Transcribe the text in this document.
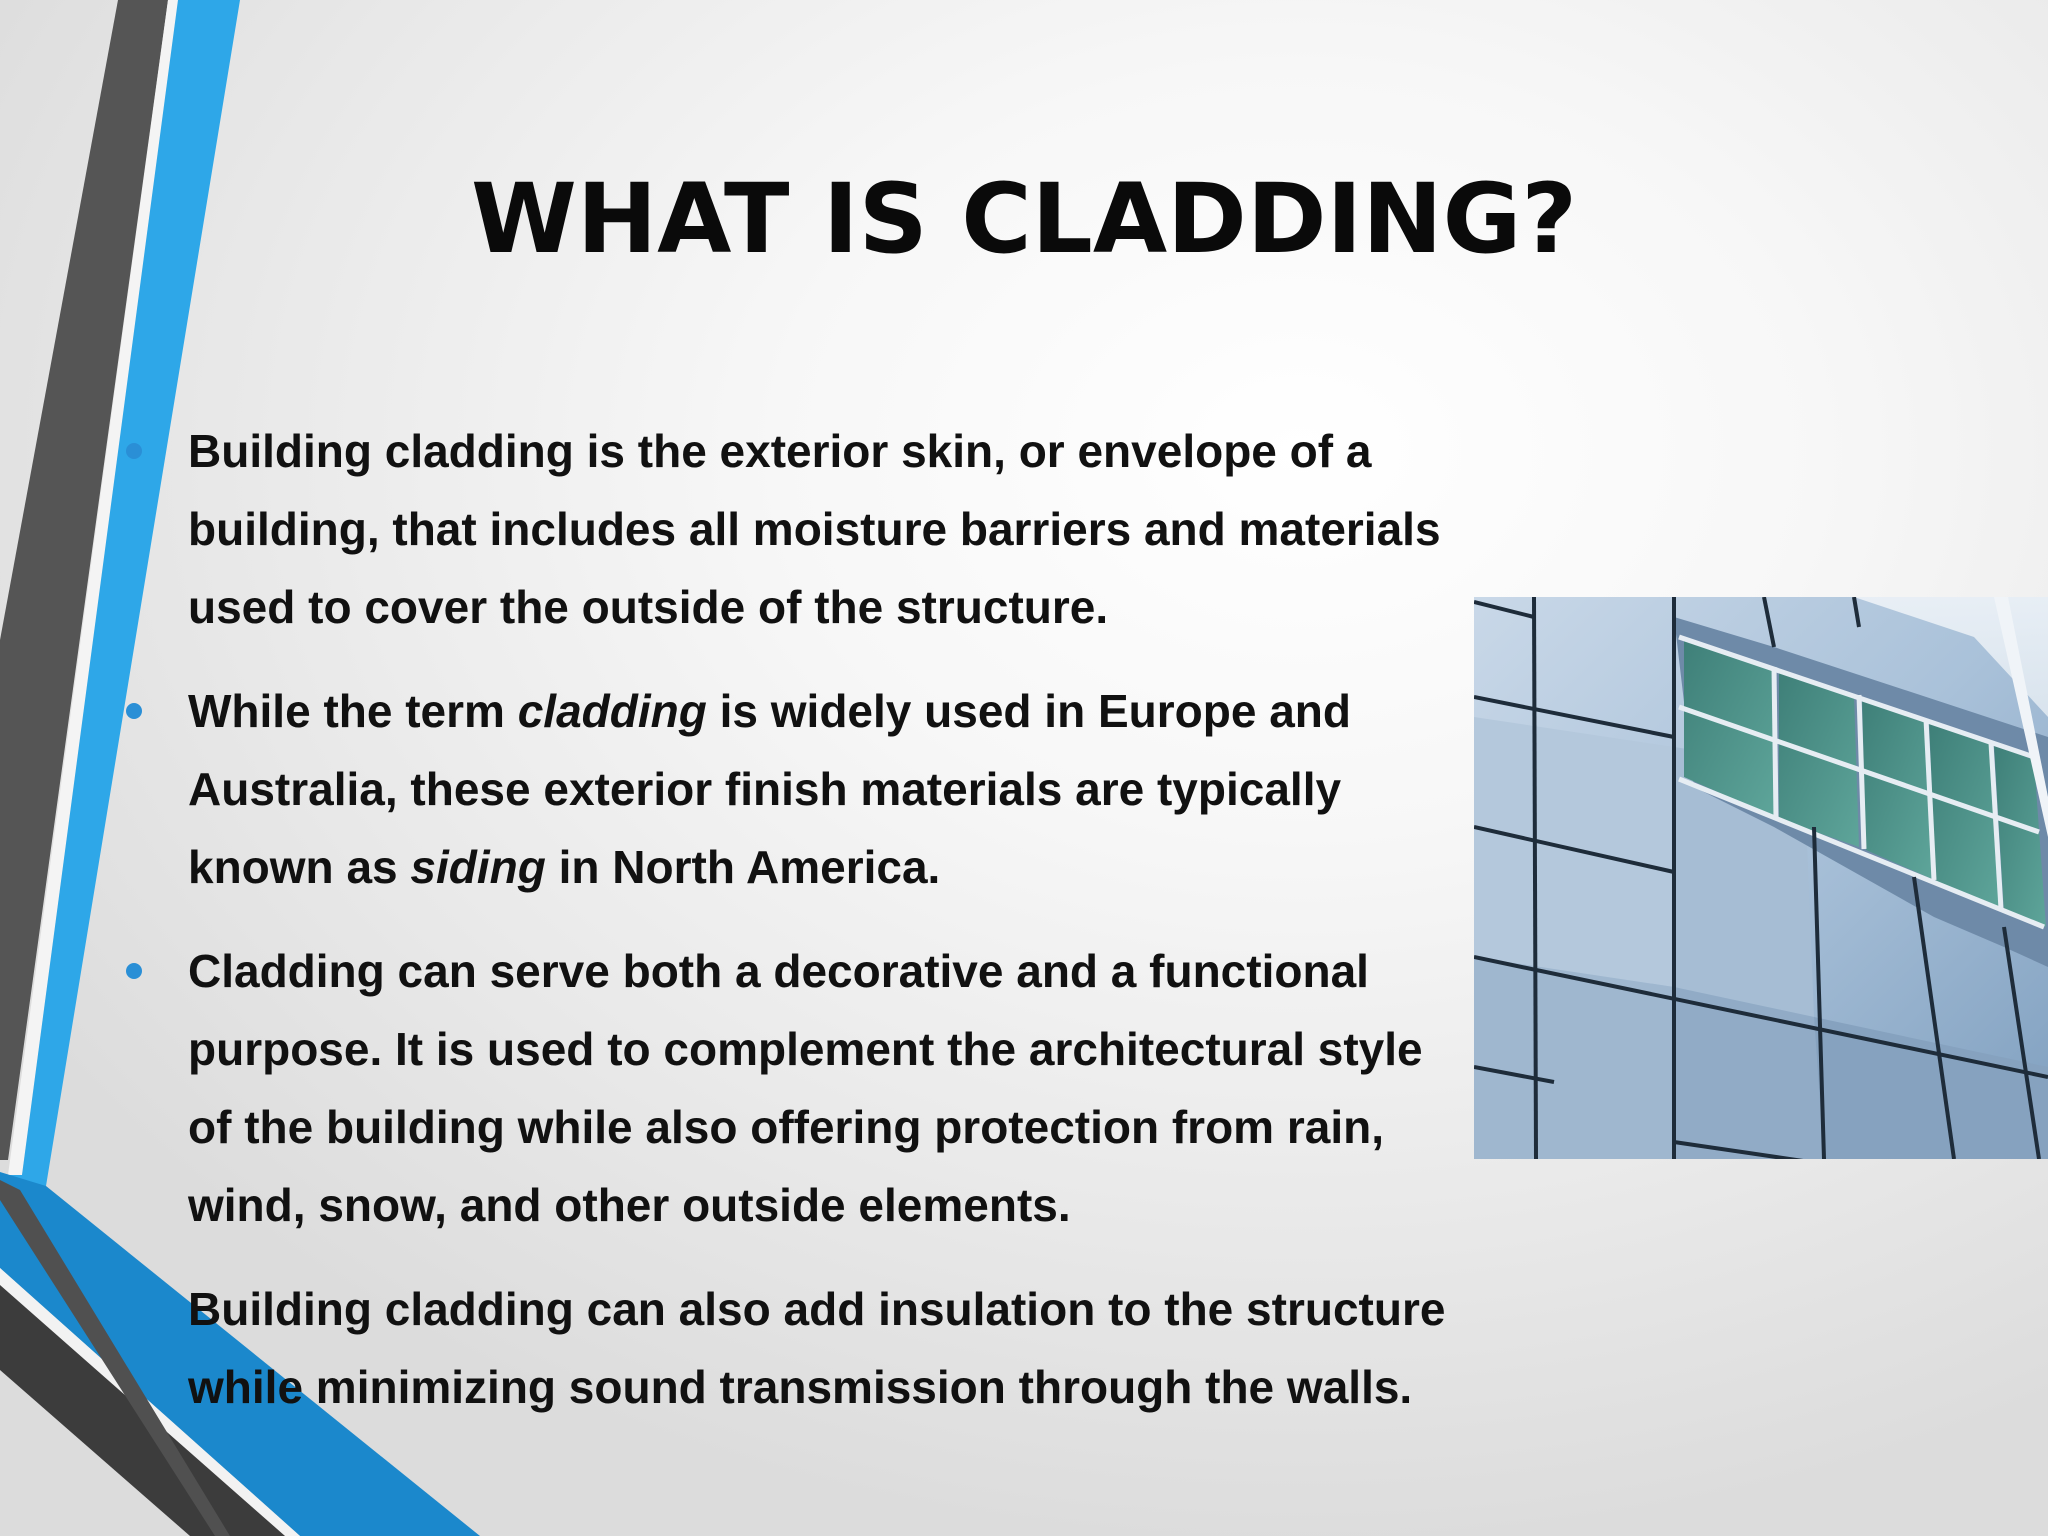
WHAT IS CLADDING?
Building cladding is the exterior skin, or envelope of a building, that includes all moisture barriers and materials used to cover the outside of the structure.
While the term cladding is widely used in Europe and Australia, these exterior finish materials are typically known as siding in North America.
Cladding can serve both a decorative and a functional purpose. It is used to complement the architectural style of the building while also offering protection from rain, wind, snow, and other outside elements.
Building cladding can also add insulation to the structure while minimizing sound transmission through the walls.
